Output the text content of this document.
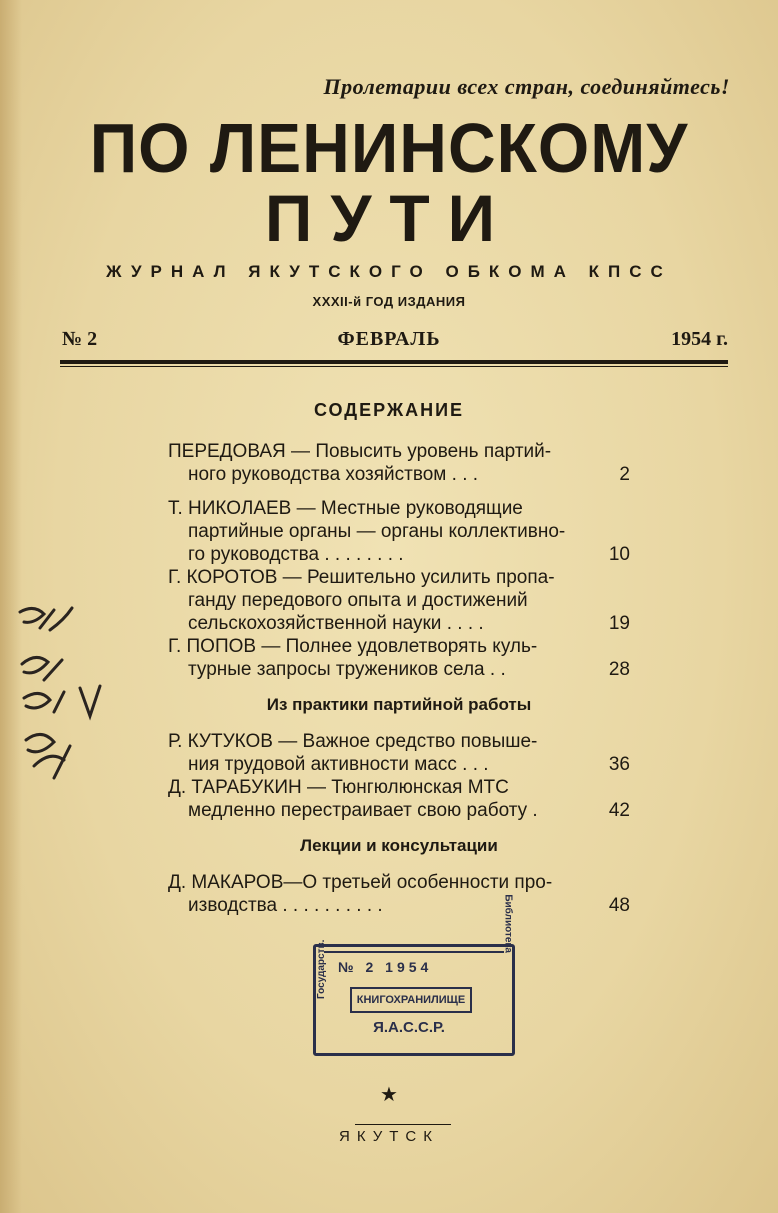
Пролетарии всех стран, соединяйтесь!
ПО ЛЕНИНСКОМУ
ПУТИ
ЖУРНАЛ ЯКУТСКОГО ОБКОМА КПСС
XXXII-й ГОД ИЗДАНИЯ
№ 2	ФЕВРАЛЬ	1954 г.
СОДЕРЖАНИЕ
ПЕРЕДОВАЯ — Повысить уровень партий-
ного руководства хозяйством . . .	2
Т. НИКОЛАЕВ — Местные руководящие
партийные органы — органы коллективно-
го руководства . . . . . . . .	10
Г. КОРОТОВ — Решительно усилить пропа-
ганду передового опыта и достижений
сельскохозяйственной науки . . . .	19
Г. ПОПОВ — Полнее удовлетворять куль-
турные запросы тружеников села . .	28
Из практики партийной работы
Р. КУТУКОВ — Важное средство повыше-
ния трудовой активности масс . . .	36
Д. ТАРАБУКИН — Тюнгюлюнская МТС
медленно перестраивает свою работу .	42
Лекции и консультации
Д. МАКАРОВ—О третьей особенности про-
изводства . . . . . . . . . .	48
№ 2 1954
КНИГОХРАНИЛИЩЕ
Я.А.С.С.Р.
Государств.
Библиотека
★
ЯКУТСК
